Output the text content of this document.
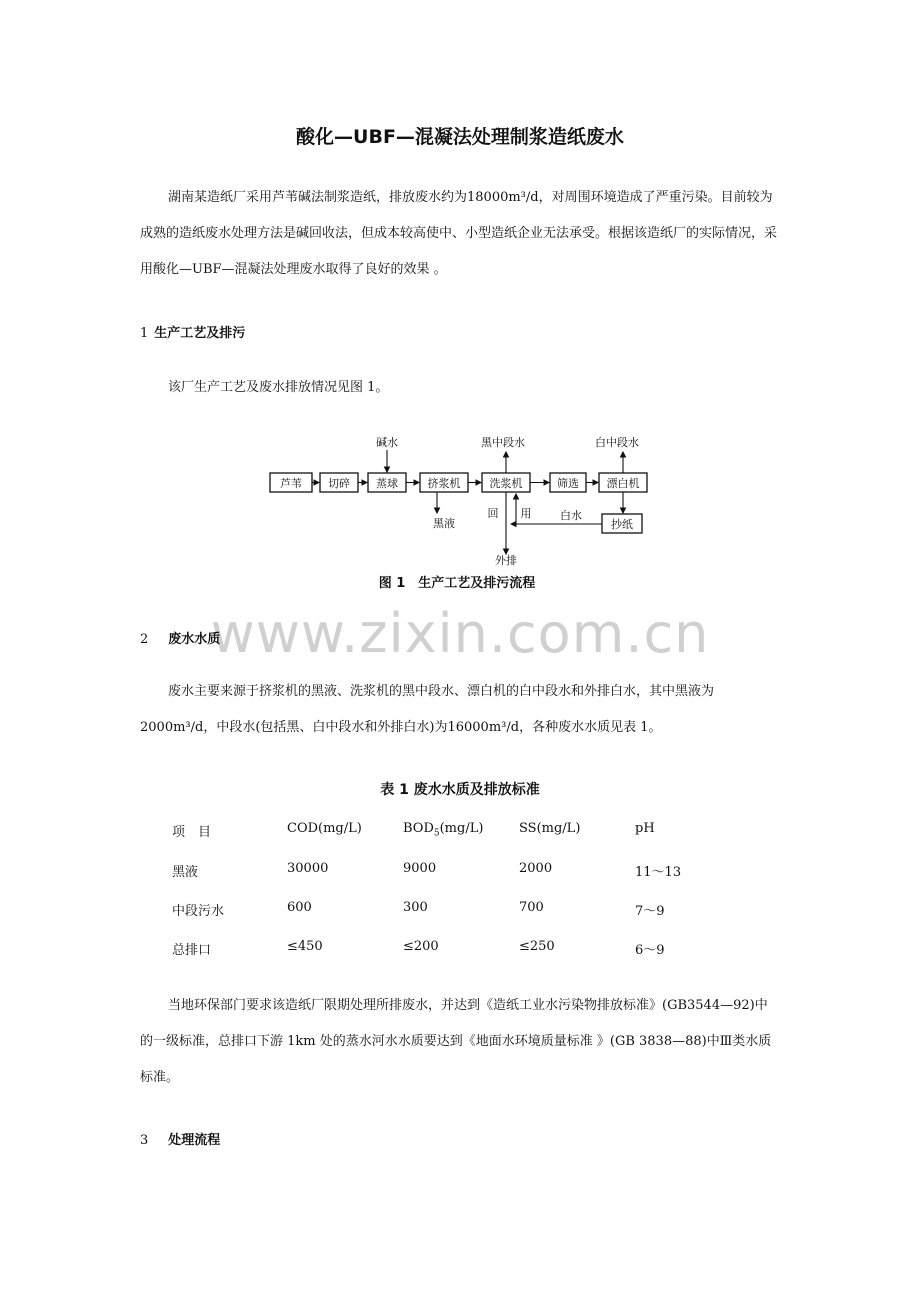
酸化—UBF—混凝法处理制浆造纸废水

湖南某造纸厂采用芦苇碱法制浆造纸，排放废水约为18000m³/d，对周围环境造成了严重污染。目前较为成熟的造纸废水处理方法是碱回收法，但成本较高使中、小型造纸企业无法承受。根据该造纸厂的实际情况，采用酸化—UBF—混凝法处理废水取得了良好的效果 。

1 生产工艺及排污

该厂生产工艺及废水排放情况见图 1。

芦苇 切碎 蒸球	挤浆机	洗浆机	筛选	漂白机
抄纸
碱水	黑中段水	白中段水
黑液
回 用	白水
外排
图 1　生产工艺及排污流程
www.zixin.com.cn
2 废水水质

废水主要来源于挤浆机的黑液、洗浆机的黑中段水、漂白机的白中段水和外排白水，其中黑液为2000m³/d，中段水(包括黑、白中段水和外排白水)为16000m³/d，各种废水水质见表 1。

表 1 废水水质及排放标准
项　目	COD(mg/L)	$BOD_5(mg/L)$	SS(mg/L)	pH
黑液	30000	9000	2000	11～13
中段污水	600	300	700	7～9
总排口	≤450	≤200	≤250	6～9

当地环保部门要求该造纸厂限期处理所排废水，并达到《造纸工业水污染物排放标准》(GB3544—92)中的一级标准，总排口下游 1km 处的蒸水河水水质要达到《地面水环境质量标准 》(GB 3838—88)中Ⅲ类水质标准。

3 处理流程
